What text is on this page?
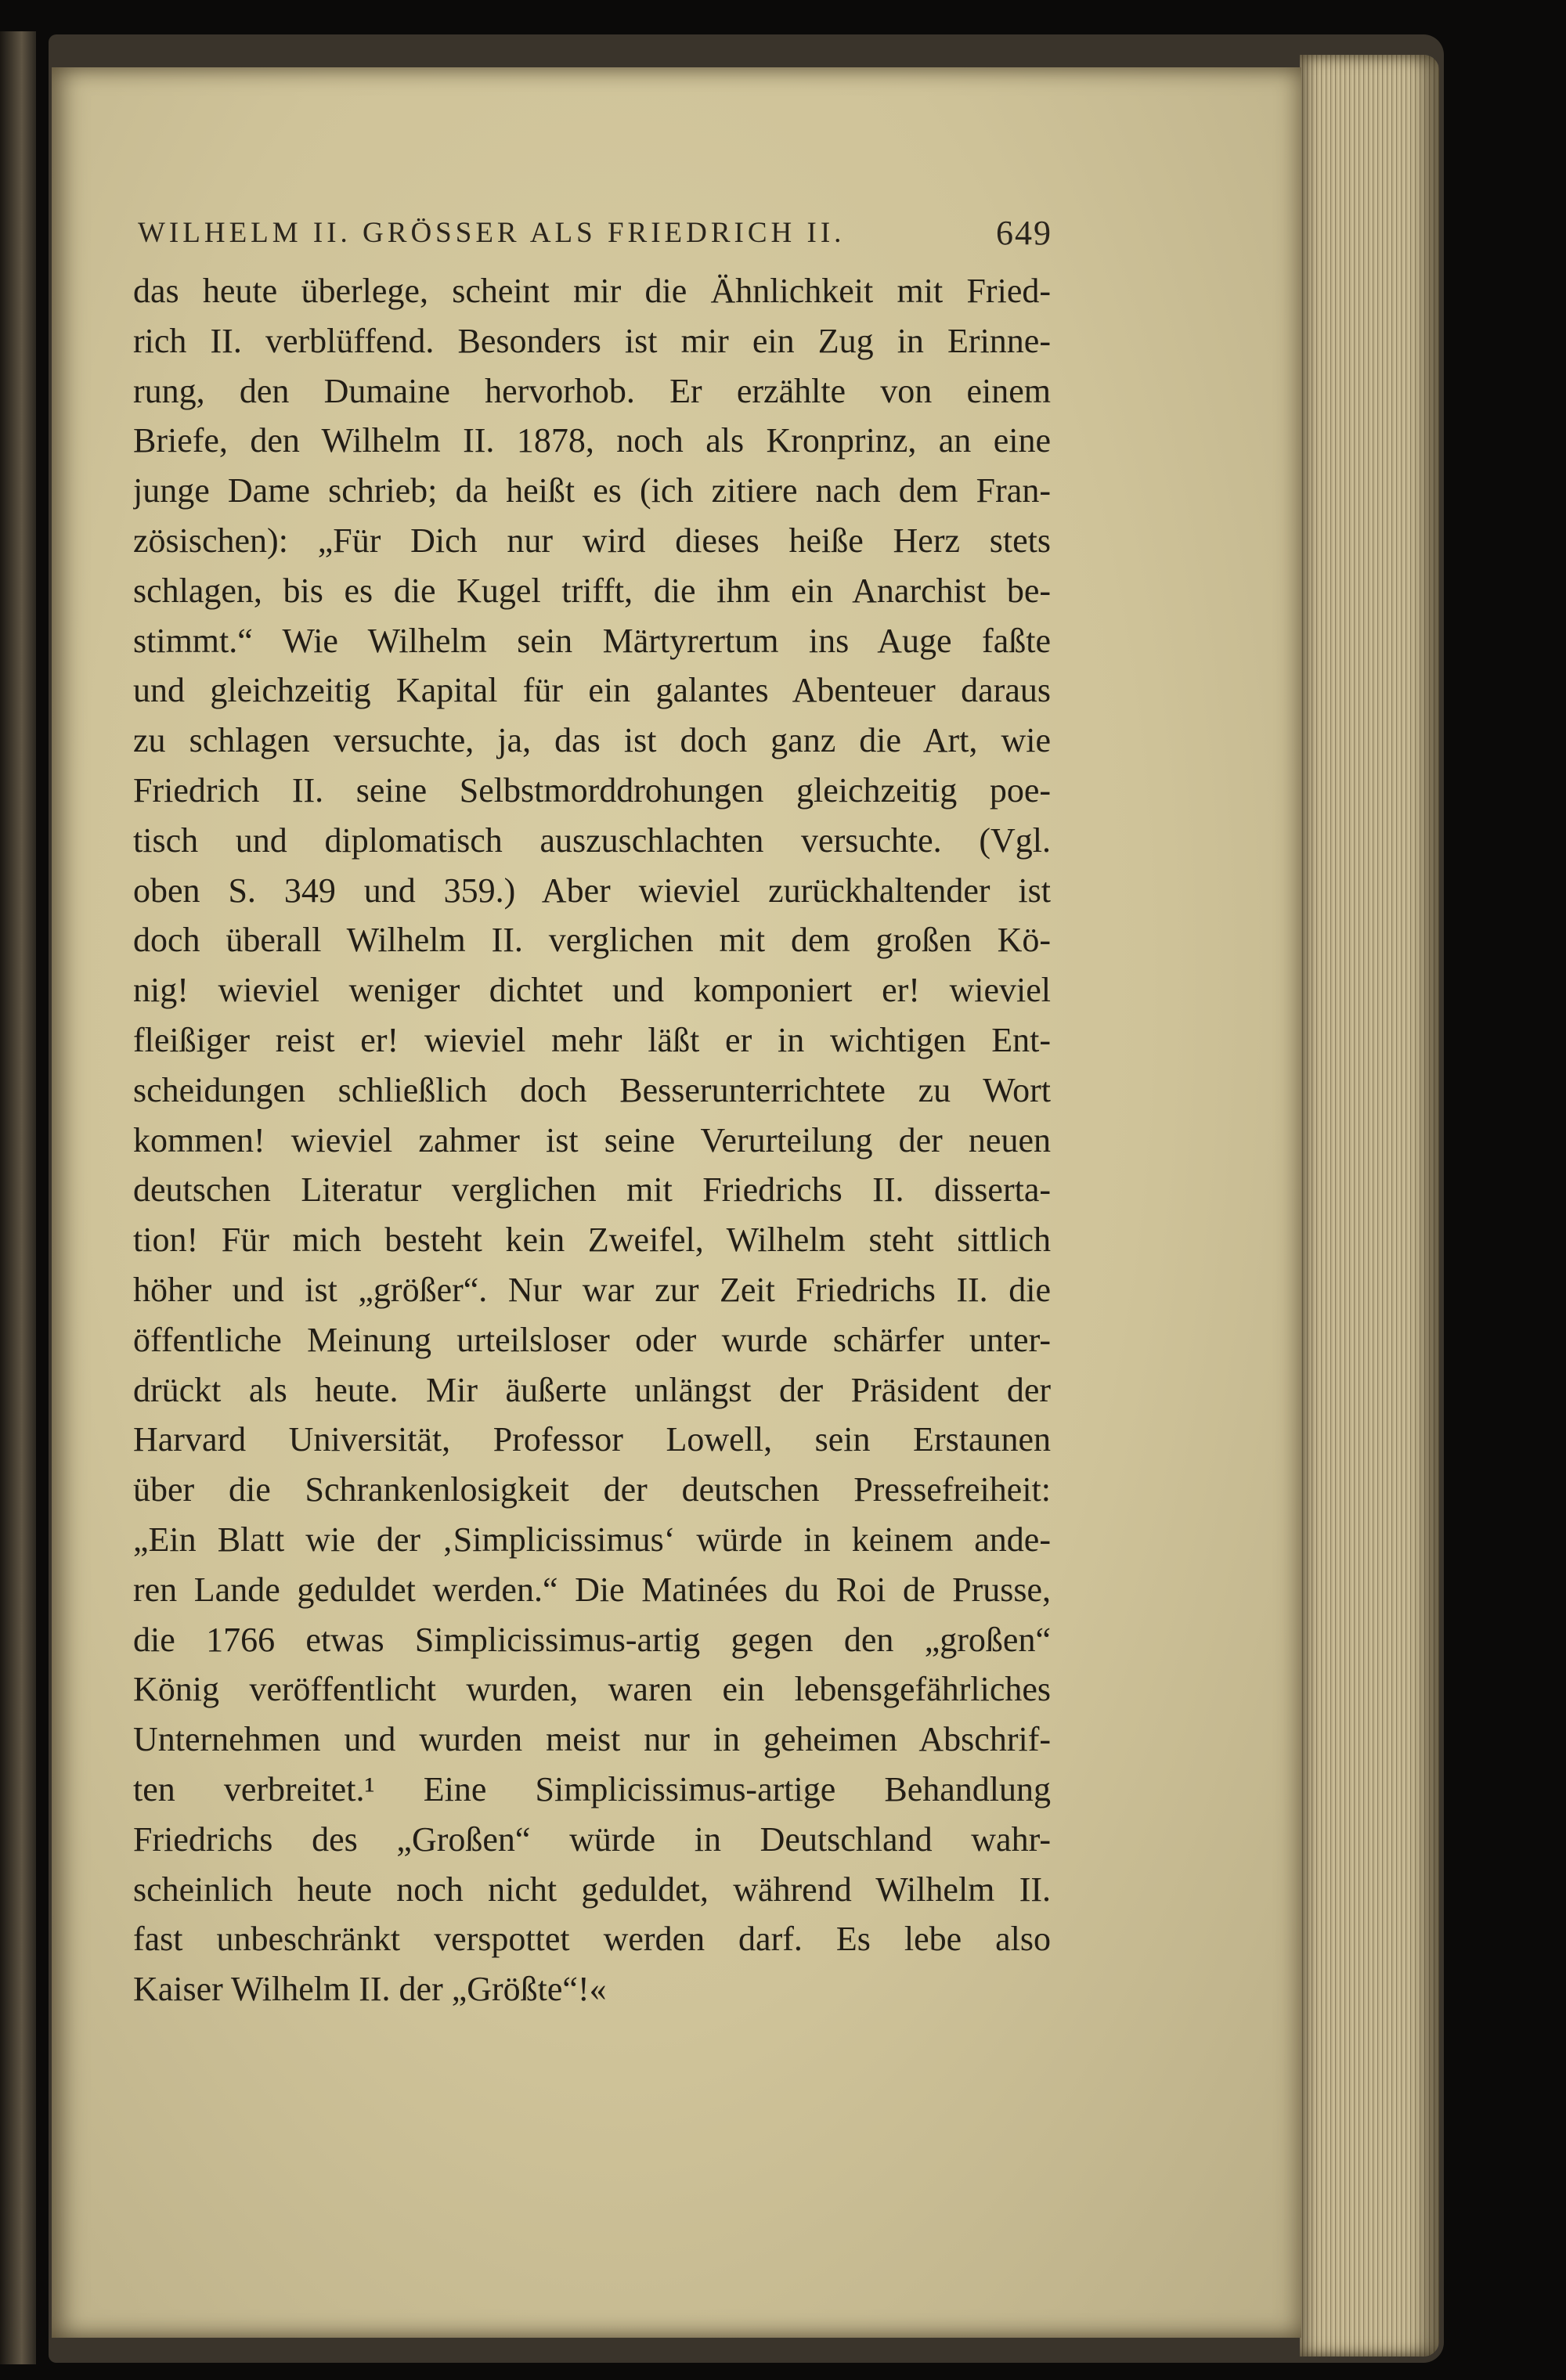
WILHELM II. GRÖSSER ALS FRIEDRICH II.	649
das heute überlege, scheint mir die Ähnlichkeit mit Fried-
rich II. verblüffend. Besonders ist mir ein Zug in Erinne-
rung, den Dumaine hervorhob. Er erzählte von einem
Briefe, den Wilhelm II. 1878, noch als Kronprinz, an eine
junge Dame schrieb; da heißt es (ich zitiere nach dem Fran-
zösischen): „Für Dich nur wird dieses heiße Herz stets
schlagen, bis es die Kugel trifft, die ihm ein Anarchist be-
stimmt.“ Wie Wilhelm sein Märtyrertum ins Auge faßte
und gleichzeitig Kapital für ein galantes Abenteuer daraus
zu schlagen versuchte, ja, das ist doch ganz die Art, wie
Friedrich II. seine Selbstmorddrohungen gleichzeitig poe-
tisch und diplomatisch auszuschlachten versuchte. (Vgl.
oben S. 349 und 359.) Aber wieviel zurückhaltender ist
doch überall Wilhelm II. verglichen mit dem großen Kö-
nig! wieviel weniger dichtet und komponiert er! wieviel
fleißiger reist er! wieviel mehr läßt er in wichtigen Ent-
scheidungen schließlich doch Besserunterrichtete zu Wort
kommen! wieviel zahmer ist seine Verurteilung der neuen
deutschen Literatur verglichen mit Friedrichs II. disserta-
tion! Für mich besteht kein Zweifel, Wilhelm steht sittlich
höher und ist „größer“. Nur war zur Zeit Friedrichs II. die
öffentliche Meinung urteilsloser oder wurde schärfer unter-
drückt als heute. Mir äußerte unlängst der Präsident der
Harvard Universität, Professor Lowell, sein Erstaunen
über die Schrankenlosigkeit der deutschen Pressefreiheit:
„Ein Blatt wie der ‚Simplicissimus‘ würde in keinem ande-
ren Lande geduldet werden.“ Die Matinées du Roi de Prusse,
die 1766 etwas Simplicissimus-artig gegen den „großen“
König veröffentlicht wurden, waren ein lebensgefährliches
Unternehmen und wurden meist nur in geheimen Abschrif-
ten verbreitet.¹ Eine Simplicissimus-artige Behandlung
Friedrichs des „Großen“ würde in Deutschland wahr-
scheinlich heute noch nicht geduldet, während Wilhelm II.
fast unbeschränkt verspottet werden darf. Es lebe also
Kaiser Wilhelm II. der „Größte“!«
